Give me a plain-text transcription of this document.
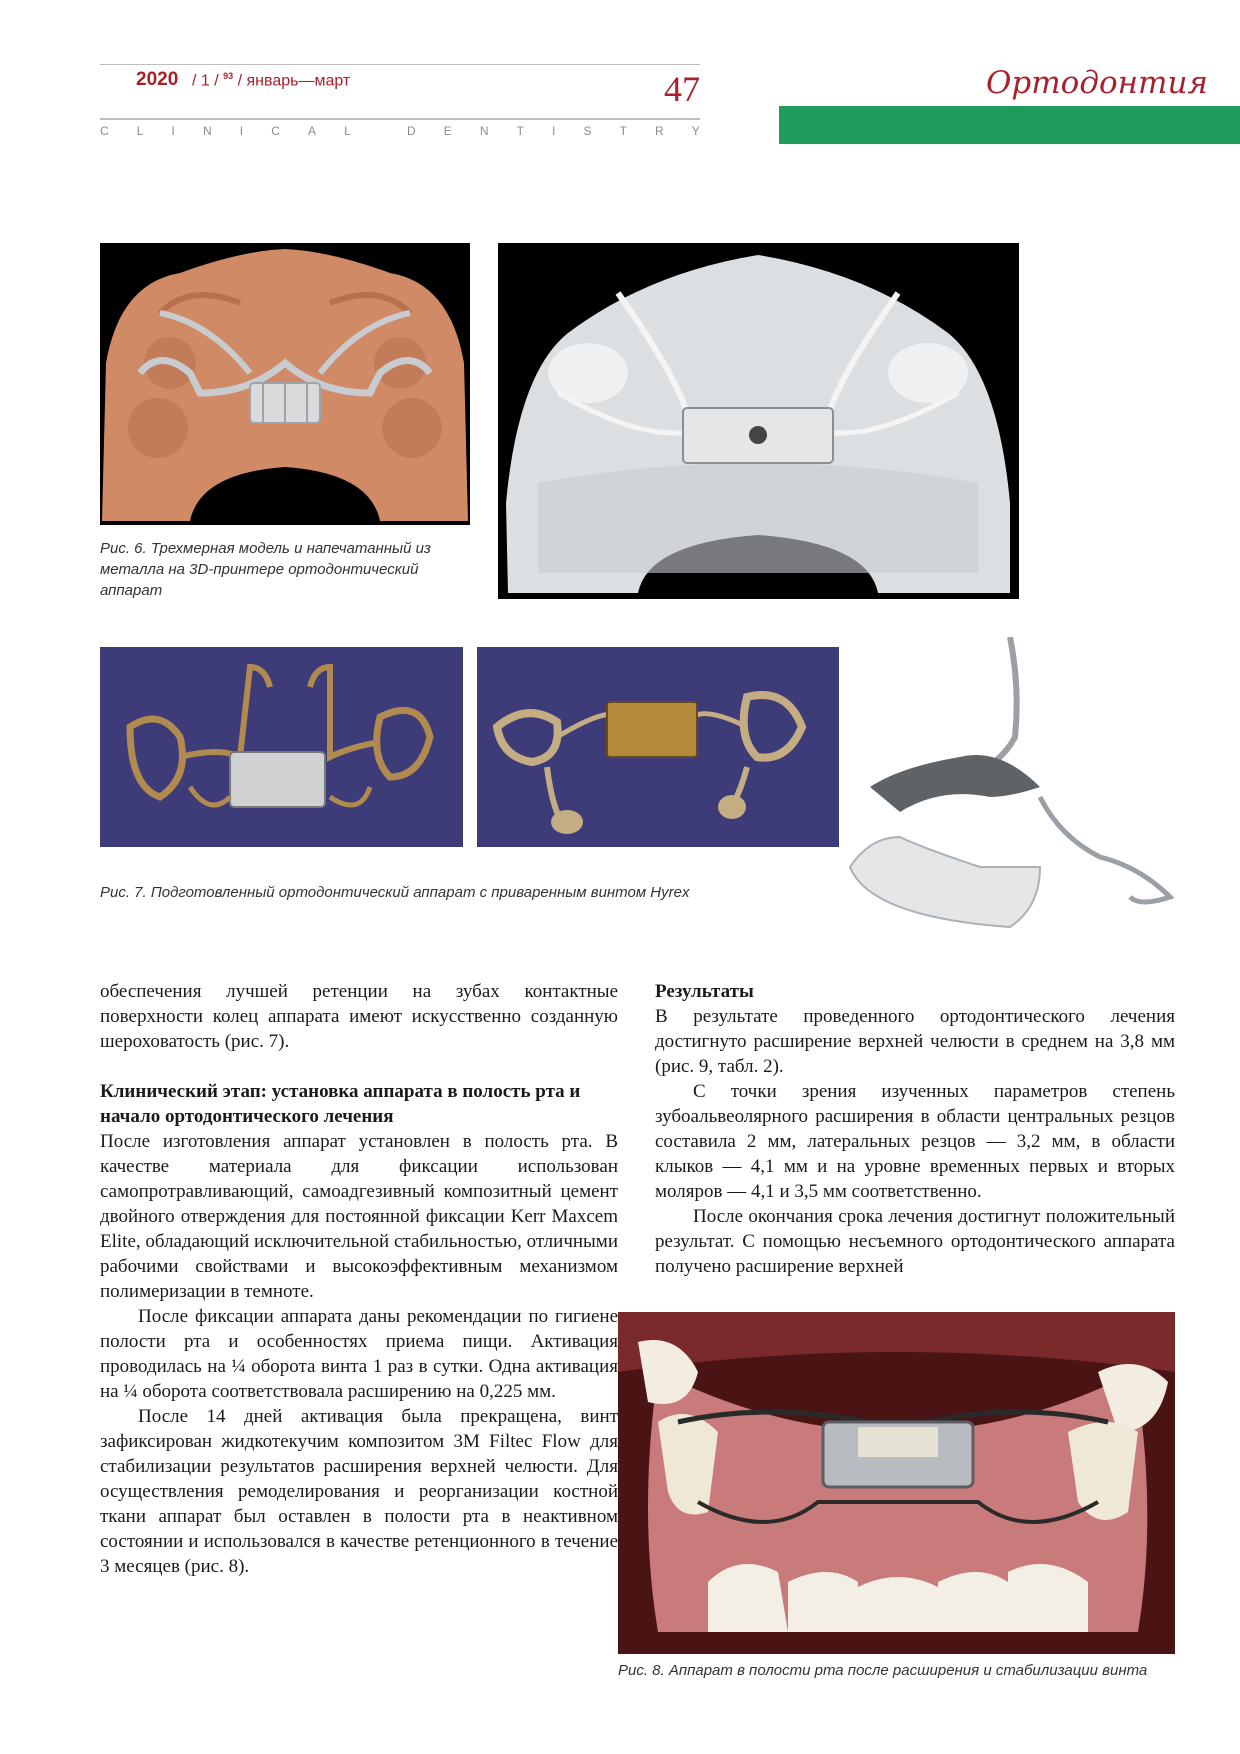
2020 / 1 / $^{93}$ / январь—март	47
C L I N I C A L	D E N T I S T R Y
Ортодонтия
Рис. 6. Трехмерная модель и напечатанный из металла на 3D-принтере ортодонтический аппарат
Рис. 7. Подготовленный ортодонтический аппарат с приваренным винтом Hyrex

обеспечения лучшей ретенции на зубах контактные поверхности колец аппарата имеют искусственно созданную шероховатость (рис. 7).

Клинический этап: установка аппарата в полость рта и начало ортодонтического лечения

После изготовления аппарат установлен в полость рта. В качестве материала для фиксации использован самопротравливающий, самоадгезивный композитный цемент двойного отверждения для постоянной фиксации Kerr Maxcem Elite, обладающий исключительной стабильностью, отличными рабочими свойствами и высокоэффективным механизмом полимеризации в темноте.

После фиксации аппарата даны рекомендации по гигиене полости рта и особенностях приема пищи. Активация проводилась на ¼ оборота винта 1 раз в сутки. Одна активация на ¼ оборота соответствовала расширению на 0,225 мм.

После 14 дней активация была прекращена, винт зафиксирован жидкотекучим композитом 3M Filtec Flow для стабилизации результатов расширения верхней челюсти. Для осуществления ремоделирования и реорганизации костной ткани аппарат был оставлен в полости рта в неактивном состоянии и использовался в качестве ретенционного в течение 3 месяцев (рис. 8).

Результаты

В результате проведенного ортодонтического лечения достигнуто расширение верхней челюсти в среднем на 3,8 мм (рис. 9, табл. 2).

С точки зрения изученных параметров степень зубоальвеолярного расширения в области центральных резцов составила 2 мм, латеральных резцов — 3,2 мм, в области клыков — 4,1 мм и на уровне временных первых и вторых моляров — 4,1 и 3,5 мм соответственно.

После окончания срока лечения достигнут положительный результат. С помощью несъемного ортодонтического аппарата получено расширение верхней

Рис. 8. Аппарат в полости рта после расширения и стабилизации винта
